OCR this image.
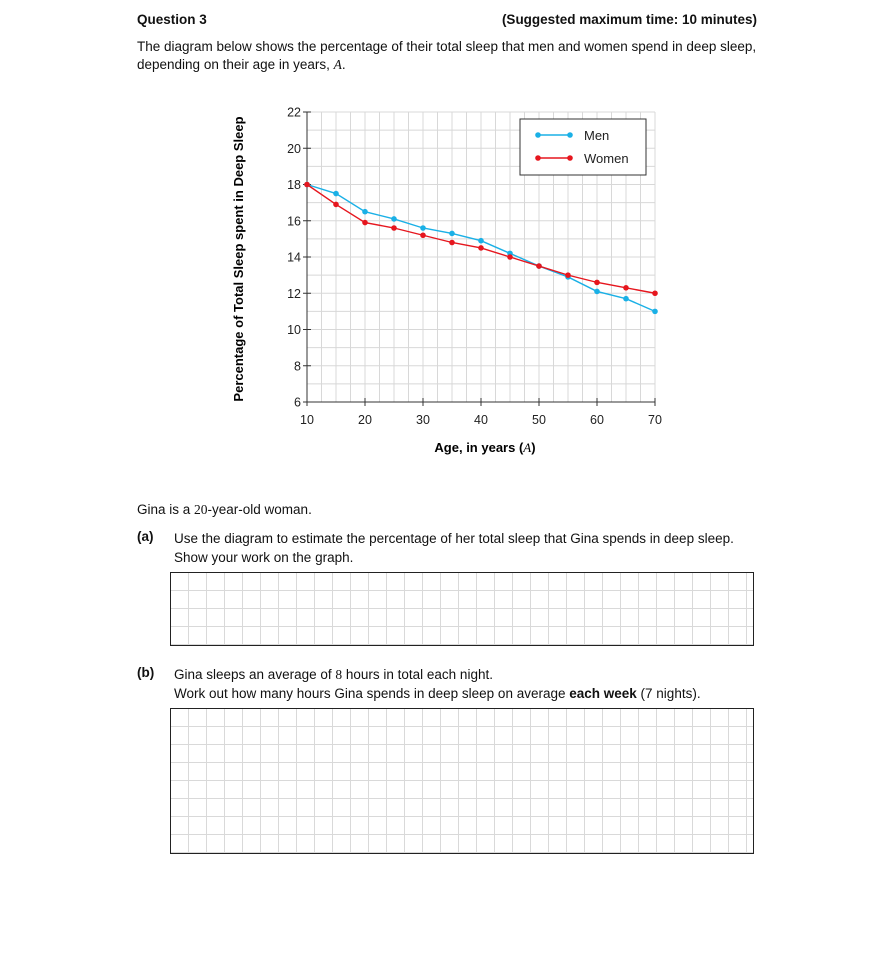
Question 3	(Suggested maximum time: 10 minutes)
The diagram below shows the percentage of their total sleep that men and women spend in deep sleep, depending on their age in years, A.
6
8
10
12
14
16
18
20
22
10	20	30	40	50	60	70
Men
Women
Percentage of Total Sleep spent in Deep Sleep
Age, in years (A)
Gina is a 20-year-old woman.
(a) Use the diagram to estimate the percentage of her total sleep that Gina spends in deep sleep. Show your work on the graph.
(b) Gina sleeps an average of 8 hours in total each night.
Work out how many hours Gina spends in deep sleep on average each week (7 nights).
